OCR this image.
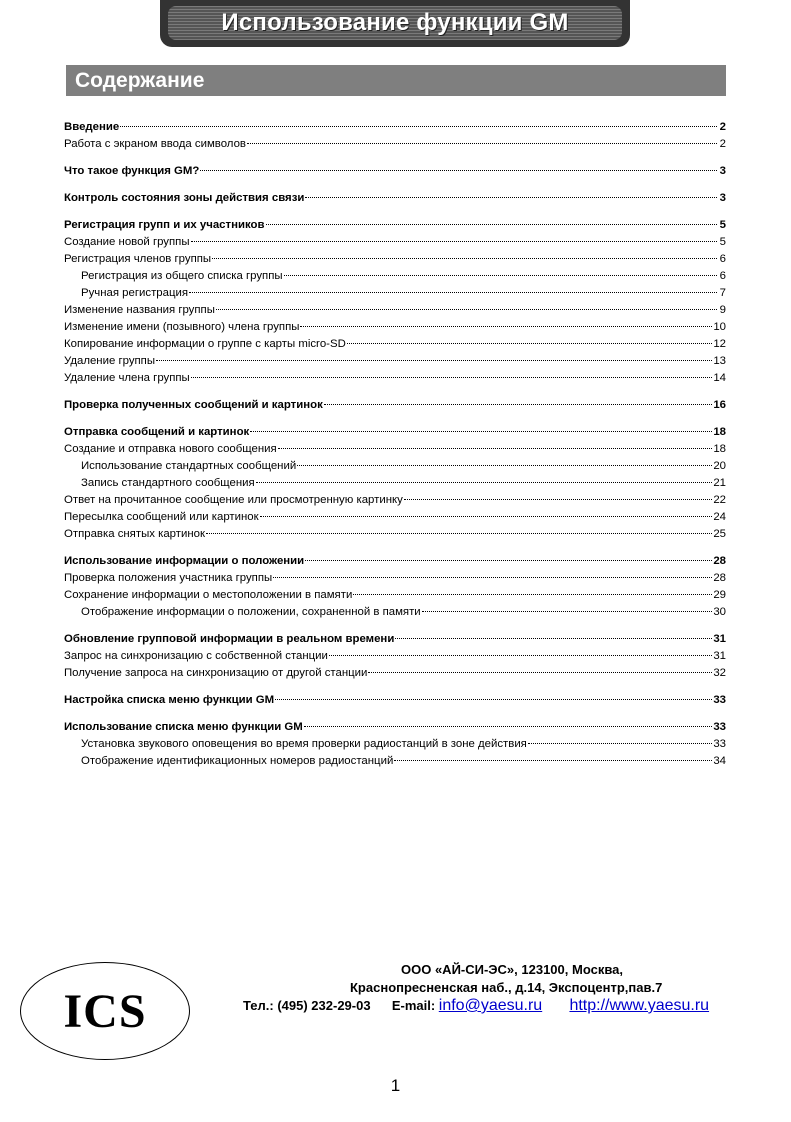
Использование функции GM
Содержание
Введение	2
Работа с экраном ввода символов	2
Что такое функция GM?	3
Контроль состояния зоны действия связи	3
Регистрация групп и их участников	5
Создание новой группы	5
Регистрация членов группы	6
Регистрация из общего списка группы	6
Ручная регистрация	7
Изменение названия группы	9
Изменение имени (позывного) члена группы	10
Копирование информации о группе с карты micro-SD	12
Удаление группы	13
Удаление члена группы	14
Проверка полученных сообщений и картинок	16
Отправка сообщений и картинок	18
Создание и отправка нового сообщения	18
Использование стандартных сообщений	20
Запись стандартного сообщения	21
Ответ на прочитанное сообщение или просмотренную картинку	22
Пересылка сообщений или картинок	24
Отправка снятых картинок	25
Использование информации о положении	28
Проверка положения участника группы	28
Сохранение информации о местоположении в памяти	29
Отображение информации о положении, сохраненной в памяти	30
Обновление групповой информации в реальном времени	31
Запрос на синхронизацию с собственной станции	31
Получение запроса на синхронизацию от другой станции	32
Настройка списка меню функции GM	33
Использование списка меню функции GM	33
Установка звукового оповещения во время проверки радиостанций в зоне действия	33
Отображение идентификационных номеров радиостанций	34
ICS
ООО «АЙ-СИ-ЭС», 123100, Москва,
Краснопресненская наб., д.14, Экспоцентр,пав.7
Тел.: (495) 232-29-03 E-mail: info@yaesu.ru http://www.yaesu.ru
1
